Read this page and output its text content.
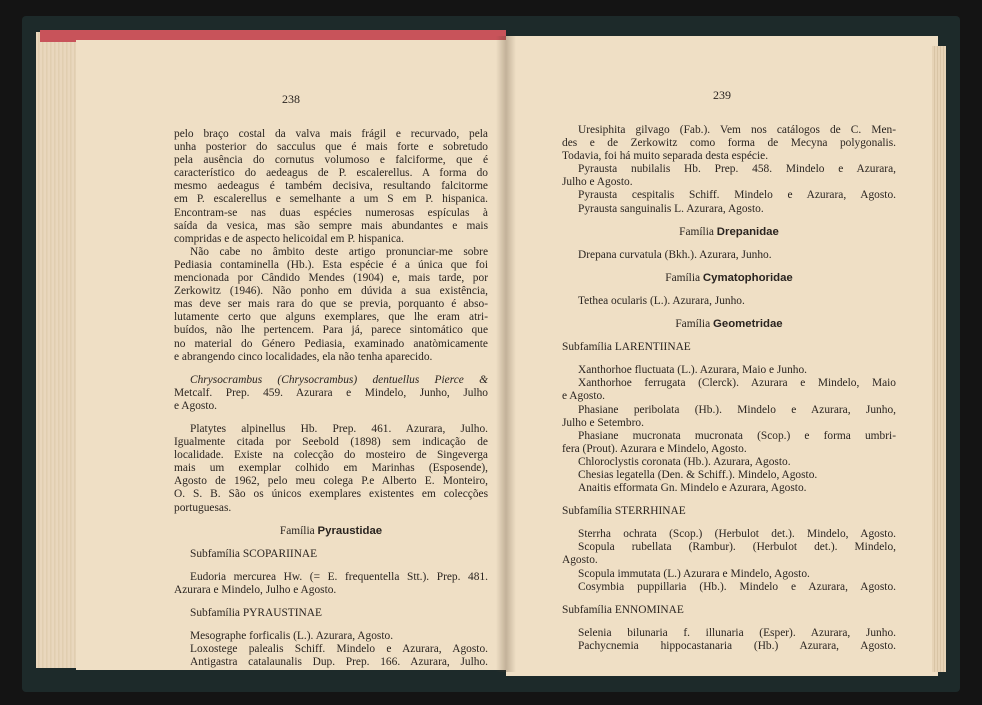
238
pelo braço costal da valva mais frágil e recurvado, pela
unha posterior do sacculus que é mais forte e sobretudo
pela ausência do cornutus volumoso e falciforme, que é
característico do aedeagus de P. escalerellus. A forma do
mesmo aedeagus é também decisiva, resultando falcitorme
em P. escalerellus e semelhante a um S em P. hispanica.
Encontram-se nas duas espécies numerosas espículas à
saída da vesica, mas são sempre mais abundantes e mais
compridas e de aspecto helicoidal em P. hispanica.
Não cabe no âmbito deste artigo pronunciar-me sobre
Pediasia contaminella (Hb.). Esta espécie é a única que foi
mencionada por Cândido Mendes (1904) e, mais tarde, por
Zerkowitz (1946). Não ponho em dúvida a sua existência,
mas deve ser mais rara do que se previa, porquanto é abso-
lutamente certo que alguns exemplares, que lhe eram atri-
buídos, não lhe pertencem. Para já, parece sintomático que
no material do Género Pediasia, examinado anatòmicamente
e abrangendo cinco localidades, ela não tenha aparecido.
Chrysocrambus (Chrysocrambus) dentuellus Pierce &
Metcalf. Prep. 459. Azurara e Mindelo, Junho, Julho
e Agosto.
Platytes alpinellus Hb. Prep. 461. Azurara, Julho.
Igualmente citada por Seebold (1898) sem indicação de
localidade. Existe na colecção do mosteiro de Singeverga
mais um exemplar colhido em Marinhas (Esposende),
Agosto de 1962, pelo meu colega P.e Alberto E. Monteiro,
O. S. B. São os únicos exemplares existentes em colecções
portuguesas.
Família Pyraustidae
Subfamília SCOPARIINAE
Eudoria mercurea Hw. (= E. frequentella Stt.). Prep. 481.
Azurara e Mindelo, Julho e Agosto.
Subfamília PYRAUSTINAE
Mesographe forficalis (L.). Azurara, Agosto.
Loxostege palealis Schiff. Mindelo e Azurara, Agosto.
Antigastra catalaunalis Dup. Prep. 166. Azurara, Julho.
239
Uresiphita gilvago (Fab.). Vem nos catálogos de C. Men-
des e de Zerkowitz como forma de Mecyna polygonalis.
Todavia, foi há muito separada desta espécie.
Pyrausta nubilalis Hb. Prep. 458. Mindelo e Azurara,
Julho e Agosto.
Pyrausta cespitalis Schiff. Mindelo e Azurara, Agosto.
Pyrausta sanguinalis L. Azurara, Agosto.
Família Drepanidae
Drepana curvatula (Bkh.). Azurara, Junho.
Família Cymatophoridae
Tethea ocularis (L.). Azurara, Junho.
Família Geometridae
Subfamília LARENTIINAE
Xanthorhoe fluctuata (L.). Azurara, Maio e Junho.
Xanthorhoe ferrugata (Clerck). Azurara e Mindelo, Maio
e Agosto.
Phasiane peribolata (Hb.). Mindelo e Azurara, Junho,
Julho e Setembro.
Phasiane mucronata mucronata (Scop.) e forma umbri-
fera (Prout). Azurara e Mindelo, Agosto.
Chloroclystis coronata (Hb.). Azurara, Agosto.
Chesias legatella (Den. & Schiff.). Mindelo, Agosto.
Anaitis efformata Gn. Mindelo e Azurara, Agosto.
Subfamília STERRHINAE
Sterrha ochrata (Scop.) (Herbulot det.). Mindelo, Agosto.
Scopula rubellata (Rambur). (Herbulot det.). Mindelo,
Agosto.
Scopula immutata (L.) Azurara e Mindelo, Agosto.
Cosymbia puppillaria (Hb.). Mindelo e Azurara, Agosto.
Subfamília ENNOMINAE
Selenia bilunaria f. illunaria (Esper). Azurara, Junho.
Pachycnemia hippocastanaria (Hb.) Azurara, Agosto.
